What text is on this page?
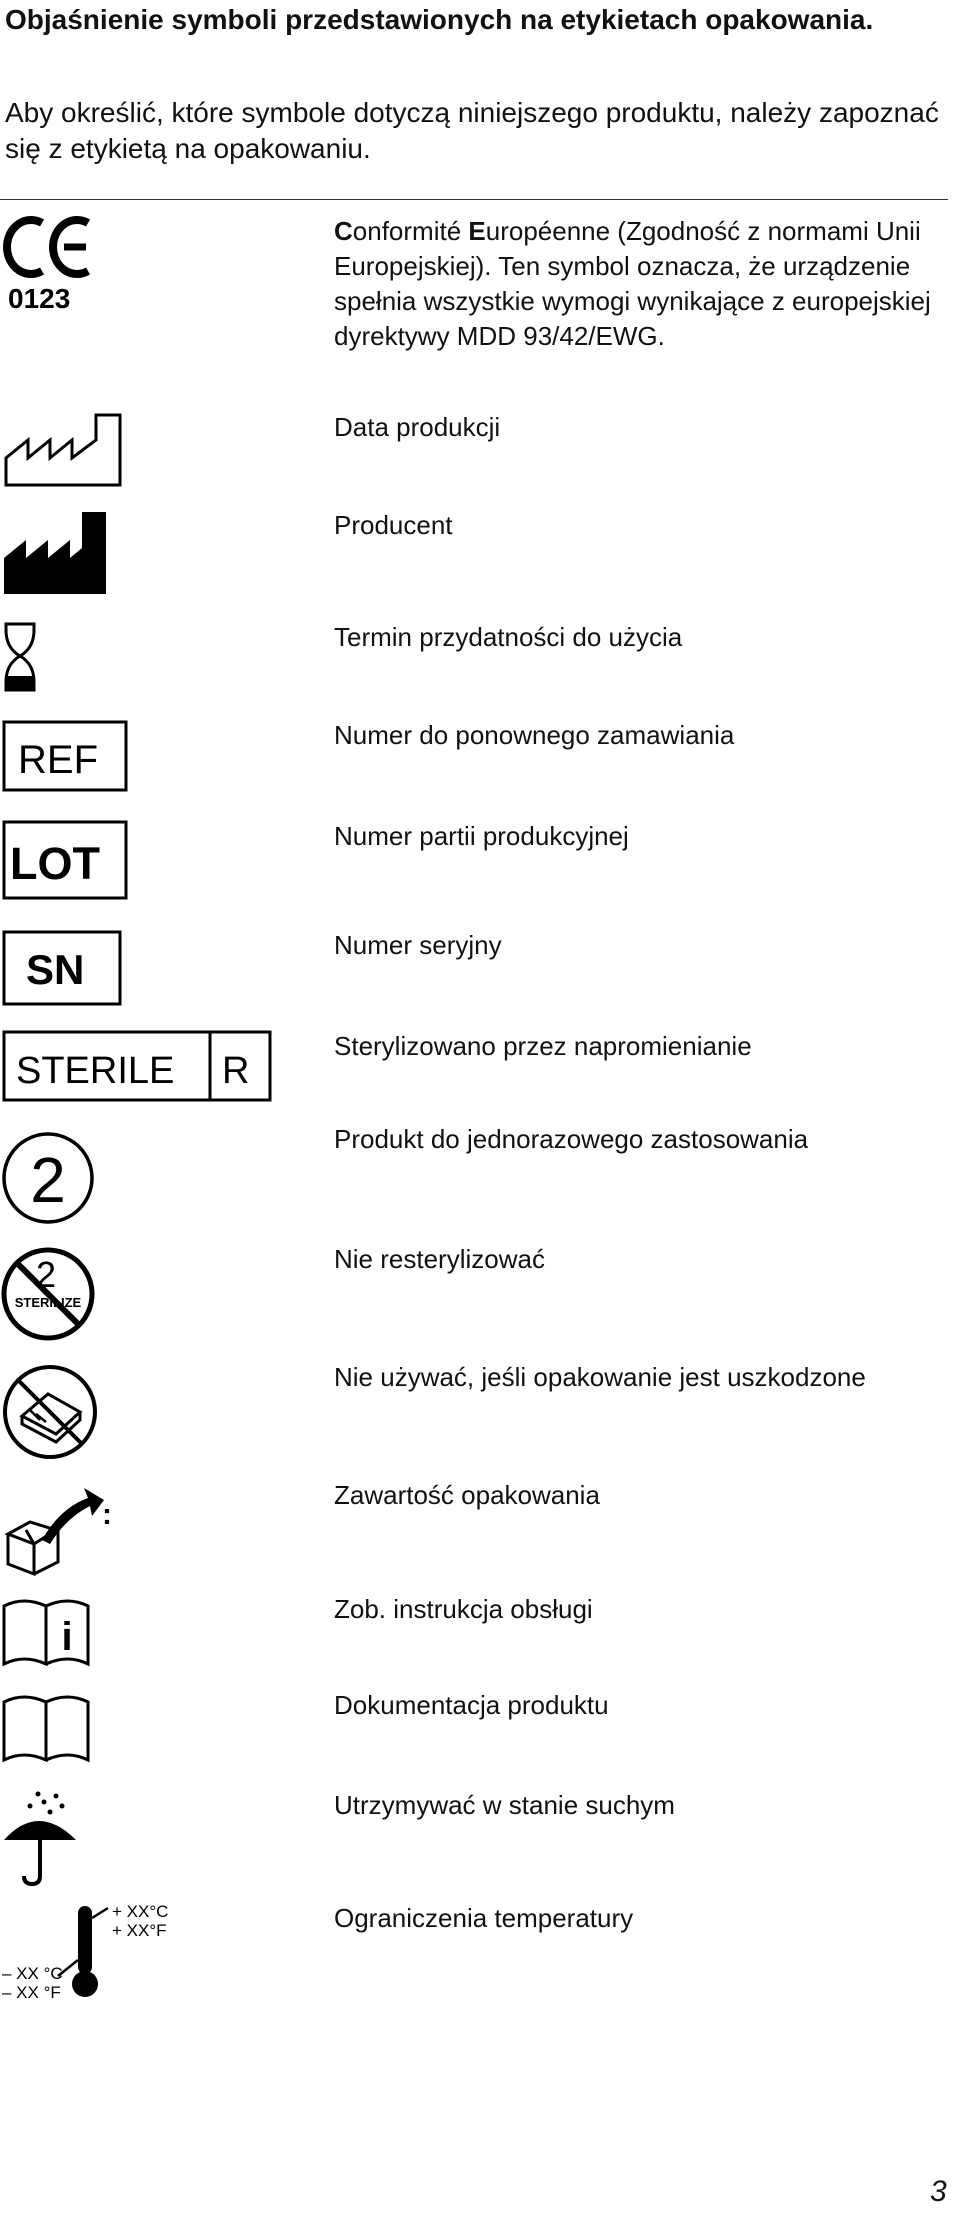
Objaśnienie symboli przedstawionych na etykietach opakowania.

Aby określić, które symbole dotyczą niniejszego produktu, należy zapoznać się z etykietą na opakowaniu.

0123

Conformité Européenne (Zgodność z normami Unii Europejskiej). Ten symbol oznacza, że urządzenie spełnia wszystkie wymogi wynikające z europejskiej dyrektywy MDD 93/42/EWG.

Data produkcji

Producent

Termin przydatności do użycia

REF

Numer do ponownego zamawiania

LOT

Numer partii produkcyjnej

SN

Numer seryjny

STERILE R

Sterylizowano przez napromienianie

2

Produkt do jednorazowego zastosowania

2
STERILIZE

Nie resterylizować

Nie używać, jeśli opakowanie jest uszkodzone

:

Zawartość opakowania

i

Zob. instrukcja obsługi

Dokumentacja produktu

Utrzymywać w stanie suchym

+ XX°C
+ XX°F
– XX °C
– XX °F

Ograniczenia temperatury

3
